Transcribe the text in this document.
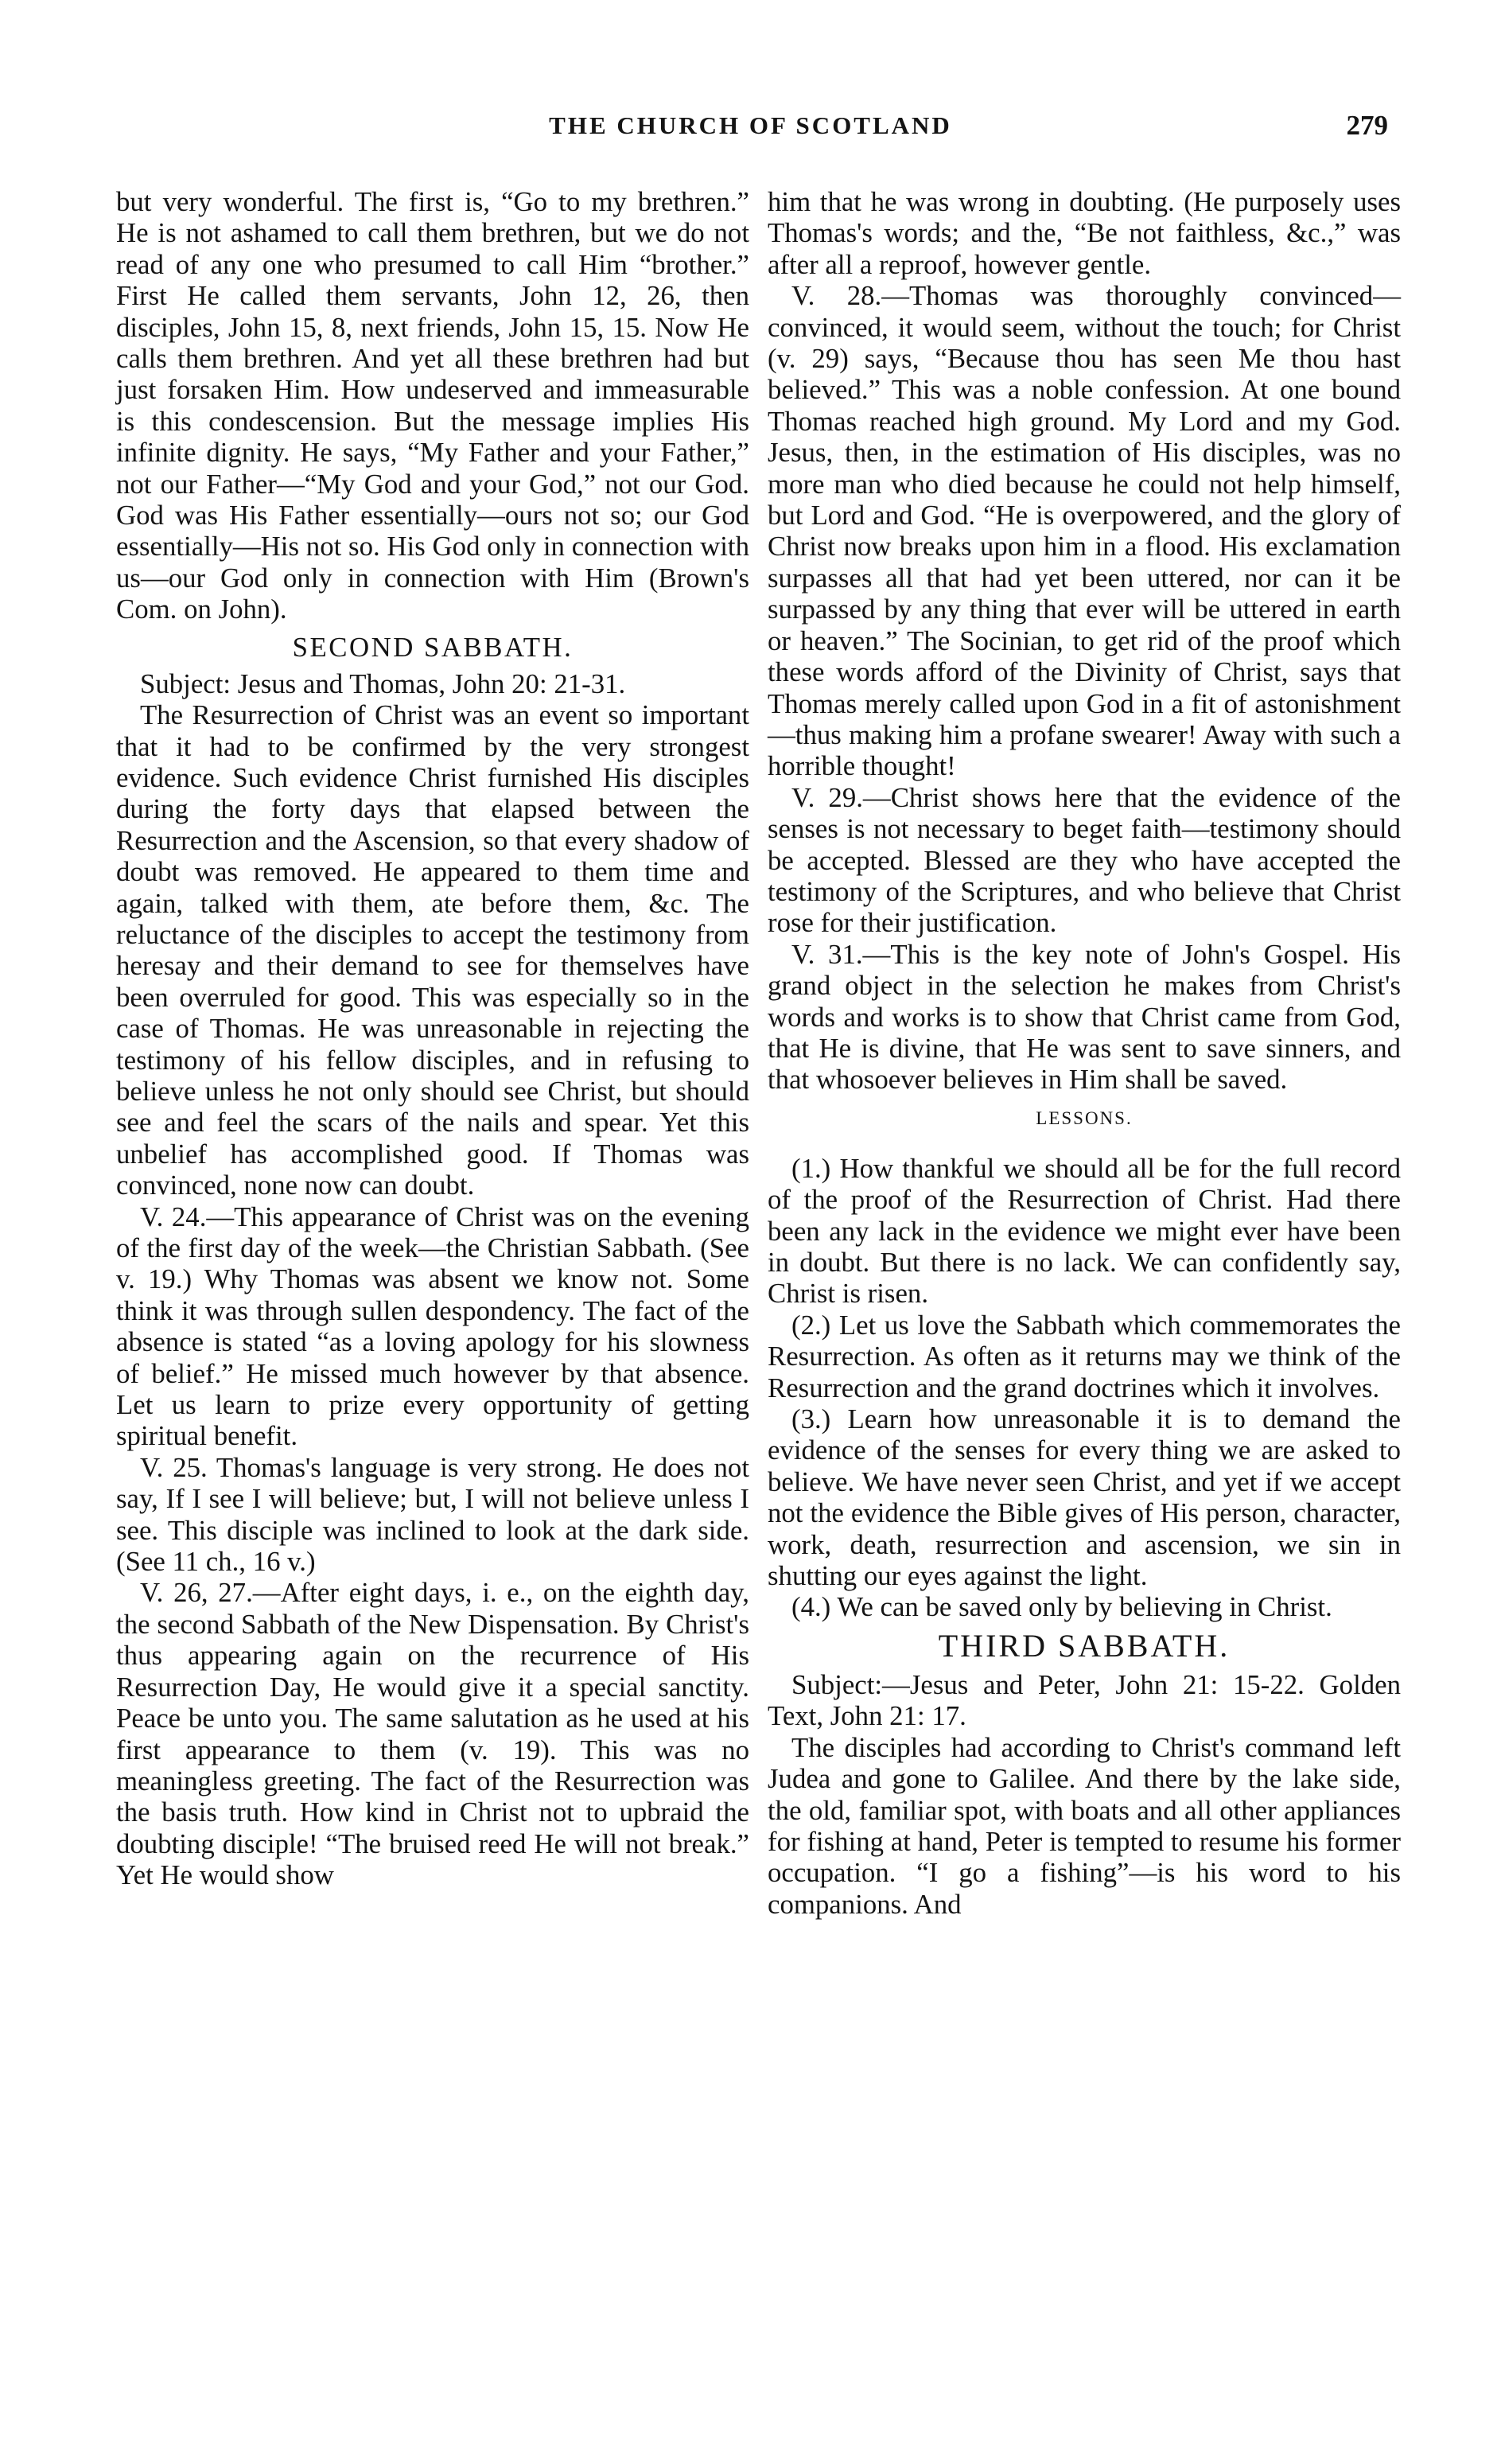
THE CHURCH OF SCOTLAND	279

but very wonderful. The first is, “Go to my brethren.” He is not ashamed to call them brethren, but we do not read of any one who presumed to call Him “brother.” First He called them servants, John 12, 26, then disciples, John 15, 8, next friends, John 15, 15. Now He calls them brethren. And yet all these brethren had but just forsaken Him. How undeserved and immeasurable is this condescension. But the message implies His infinite dignity. He says, “My Father and your Father,” not our Father—“My God and your God,” not our God. God was His Father essentially—ours not so; our God essentially—His not so. His God only in connection with us—our God only in connection with Him (Brown's Com. on John).

SECOND SABBATH.

Subject: Jesus and Thomas, John 20: 21-31.

The Resurrection of Christ was an event so important that it had to be confirmed by the very strongest evidence. Such evidence Christ furnished His disciples during the forty days that elapsed between the Resurrection and the Ascension, so that every shadow of doubt was removed. He appeared to them time and again, talked with them, ate before them, &c. The reluctance of the disciples to accept the testimony from heresay and their demand to see for themselves have been overruled for good. This was especially so in the case of Thomas. He was unreasonable in rejecting the testimony of his fellow disciples, and in refusing to believe unless he not only should see Christ, but should see and feel the scars of the nails and spear. Yet this unbelief has accomplished good. If Thomas was convinced, none now can doubt.

V. 24.—This appearance of Christ was on the evening of the first day of the week—the Christian Sabbath. (See v. 19.) Why Thomas was absent we know not. Some think it was through sullen despondency. The fact of the absence is stated “as a loving apology for his slowness of belief.” He missed much however by that absence. Let us learn to prize every opportunity of getting spiritual benefit.

V. 25. Thomas's language is very strong. He does not say, If I see I will believe; but, I will not believe unless I see. This disciple was inclined to look at the dark side. (See 11 ch., 16 v.)

V. 26, 27.—After eight days, i. e., on the eighth day, the second Sabbath of the New Dispensation. By Christ's thus appearing again on the recurrence of His Resurrection Day, He would give it a special sanctity. Peace be unto you. The same salutation as he used at his first appearance to them (v. 19). This was no meaningless greeting. The fact of the Resurrection was the basis truth. How kind in Christ not to upbraid the doubting disciple! “The bruised reed He will not break.” Yet He would show

him that he was wrong in doubting. (He purposely uses Thomas's words; and the, “Be not faithless, &c.,” was after all a reproof, however gentle.

V. 28.—Thomas was thoroughly convinced—convinced, it would seem, without the touch; for Christ (v. 29) says, “Because thou has seen Me thou hast believed.” This was a noble confession. At one bound Thomas reached high ground. My Lord and my God. Jesus, then, in the estimation of His disciples, was no more man who died because he could not help himself, but Lord and God. “He is overpowered, and the glory of Christ now breaks upon him in a flood. His exclamation surpasses all that had yet been uttered, nor can it be surpassed by any thing that ever will be uttered in earth or heaven.” The Socinian, to get rid of the proof which these words afford of the Divinity of Christ, says that Thomas merely called upon God in a fit of astonishment—thus making him a profane swearer! Away with such a horrible thought!

V. 29.—Christ shows here that the evidence of the senses is not necessary to beget faith—testimony should be accepted. Blessed are they who have accepted the testimony of the Scriptures, and who believe that Christ rose for their justification.

V. 31.—This is the key note of John's Gospel. His grand object in the selection he makes from Christ's words and works is to show that Christ came from God, that He is divine, that He was sent to save sinners, and that whosoever believes in Him shall be saved.

LESSONS.

(1.) How thankful we should all be for the full record of the proof of the Resurrection of Christ. Had there been any lack in the evidence we might ever have been in doubt. But there is no lack. We can confidently say, Christ is risen.

(2.) Let us love the Sabbath which commemorates the Resurrection. As often as it returns may we think of the Resurrection and the grand doctrines which it involves.

(3.) Learn how unreasonable it is to demand the evidence of the senses for every thing we are asked to believe. We have never seen Christ, and yet if we accept not the evidence the Bible gives of His person, character, work, death, resurrection and ascension, we sin in shutting our eyes against the light.

(4.) We can be saved only by believing in Christ.

THIRD SABBATH.

Subject:—Jesus and Peter, John 21: 15-22. Golden Text, John 21: 17.

The disciples had according to Christ's command left Judea and gone to Galilee. And there by the lake side, the old, familiar spot, with boats and all other appliances for fishing at hand, Peter is tempted to resume his former occupation. “I go a fishing”—is his word to his companions. And
